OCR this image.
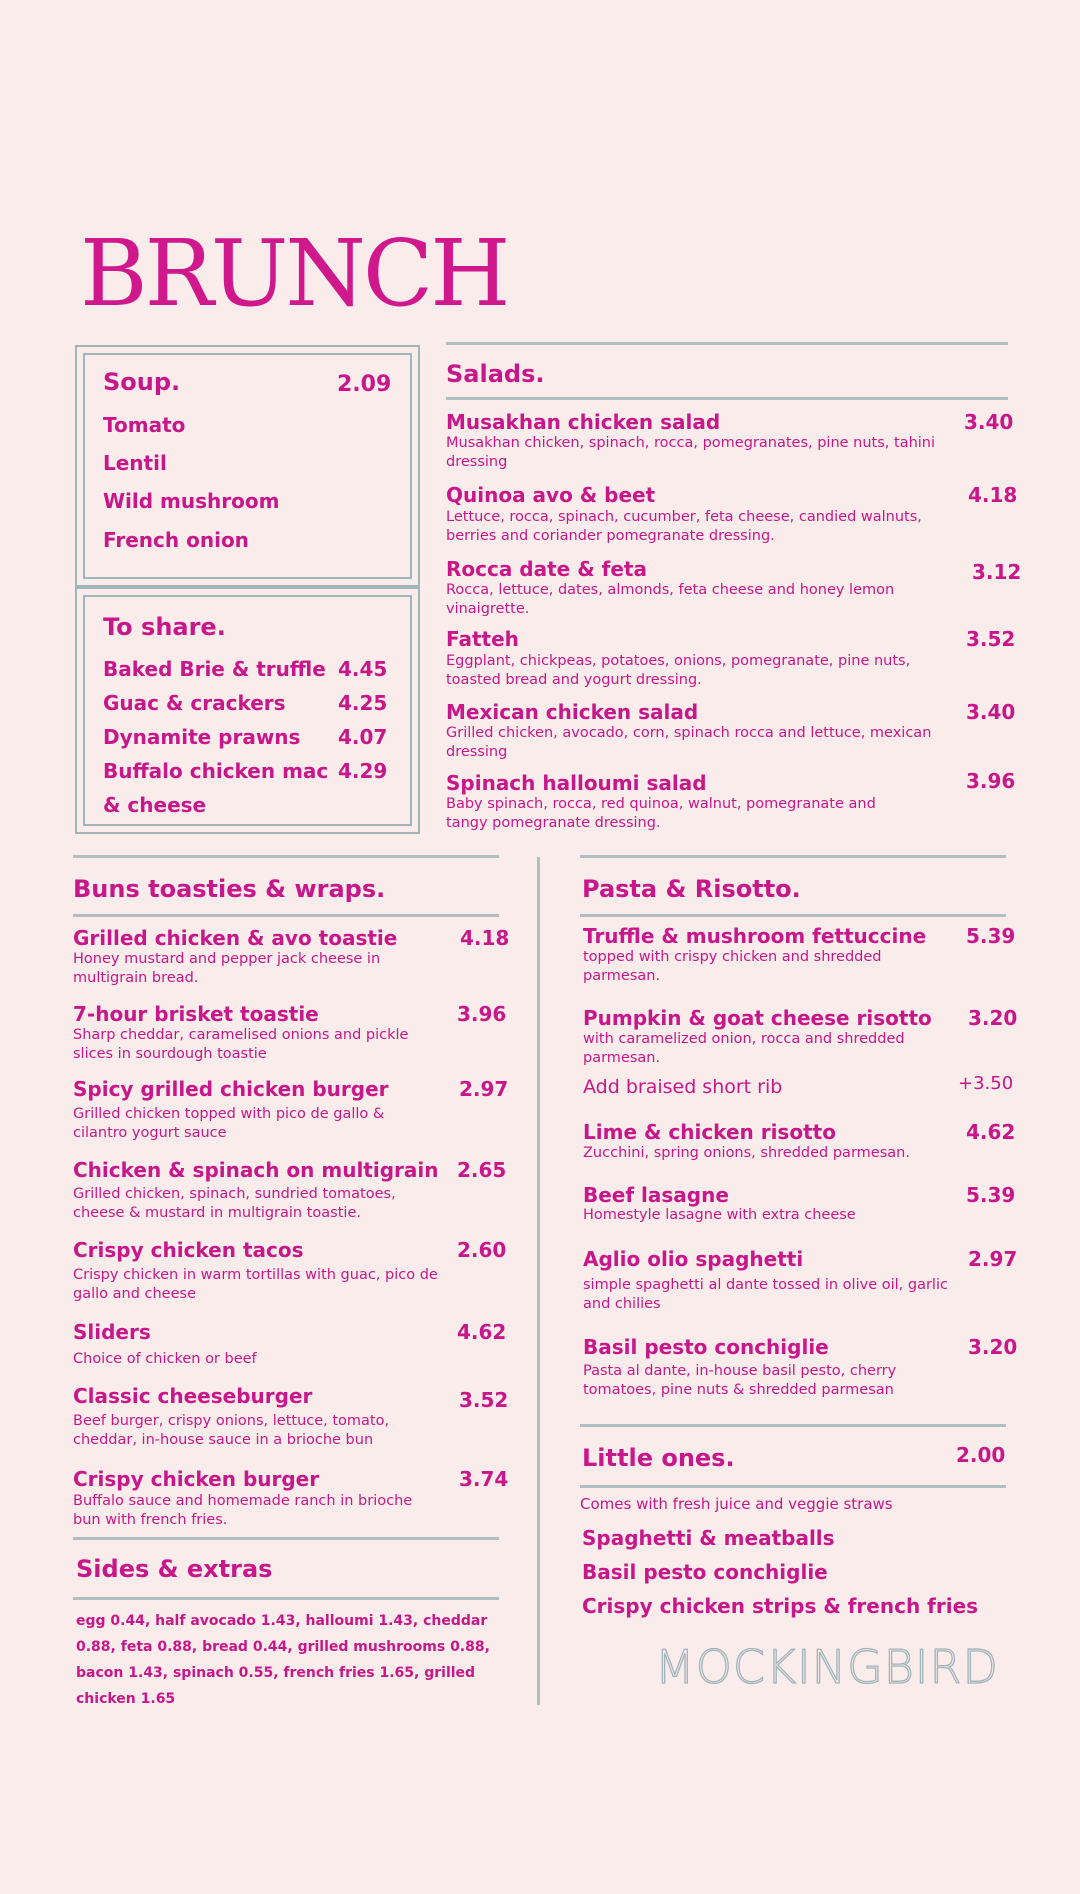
BRUNCH
Soup.	2.09
Tomato
Lentil
Wild mushroom
French onion
To share.
Baked Brie & truffle 4.45
Guac & crackers	4.25
Dynamite prawns 4.07
Buffalo chicken mac 4.29
& cheese
Salads.
Musakhan chicken salad	3.40
Musakhan chicken, spinach, rocca, pomegranates, pine nuts, tahini dressing
Quinoa avo & beet	4.18
Lettuce, rocca, spinach, cucumber, feta cheese, candied walnuts, berries and coriander pomegranate dressing.
Rocca date & feta	3.12
Rocca, lettuce, dates, almonds, feta cheese and honey lemon vinaigrette.
Fatteh	3.52
Eggplant, chickpeas, potatoes, onions, pomegranate, pine nuts, toasted bread and yogurt dressing.
Mexican chicken salad	3.40
Grilled chicken, avocado, corn, spinach rocca and lettuce, mexican dressing
Spinach halloumi salad	3.96
Baby spinach, rocca, red quinoa, walnut, pomegranate and tangy pomegranate dressing.
Buns toasties & wraps.
Grilled chicken & avo toastie	4.18
Honey mustard and pepper jack cheese in multigrain bread.
7-hour brisket toastie	3.96
Sharp cheddar, caramelised onions and pickle slices in sourdough toastie
Spicy grilled chicken burger	2.97
Grilled chicken topped with pico de gallo & cilantro yogurt sauce
Chicken & spinach on multigrain 2.65
Grilled chicken, spinach, sundried tomatoes, cheese & mustard in multigrain toastie.
Crispy chicken tacos	2.60
Crispy chicken in warm tortillas with guac, pico de gallo and cheese
Sliders	4.62
Choice of chicken or beef
Classic cheeseburger	3.52
Beef burger, crispy onions, lettuce, tomato, cheddar, in-house sauce in a brioche bun
Crispy chicken burger	3.74
Buffalo sauce and homemade ranch in brioche bun with french fries.
Sides & extras
egg 0.44, half avocado 1.43, halloumi 1.43, cheddar 0.88, feta 0.88, bread 0.44, grilled mushrooms 0.88, bacon 1.43, spinach 0.55, french fries 1.65, grilled chicken 1.65
Pasta & Risotto.
Truffle & mushroom fettuccine 5.39
topped with crispy chicken and shredded parmesan.
Pumpkin & goat cheese risotto 3.20
with caramelized onion, rocca and shredded parmesan.
Add braised short rib	+3.50
Lime & chicken risotto	4.62
Zucchini, spring onions, shredded parmesan.
Beef lasagne	5.39
Homestyle lasagne with extra cheese
Aglio olio spaghetti	2.97
simple spaghetti al dante tossed in olive oil, garlic and chilies
Basil pesto conchiglie	3.20
Pasta al dante, in-house basil pesto, cherry tomatoes, pine nuts & shredded parmesan
Little ones.	2.00
Comes with fresh juice and veggie straws
Spaghetti & meatballs
Basil pesto conchiglie
Crispy chicken strips & french fries
MOCKINGBIRD
